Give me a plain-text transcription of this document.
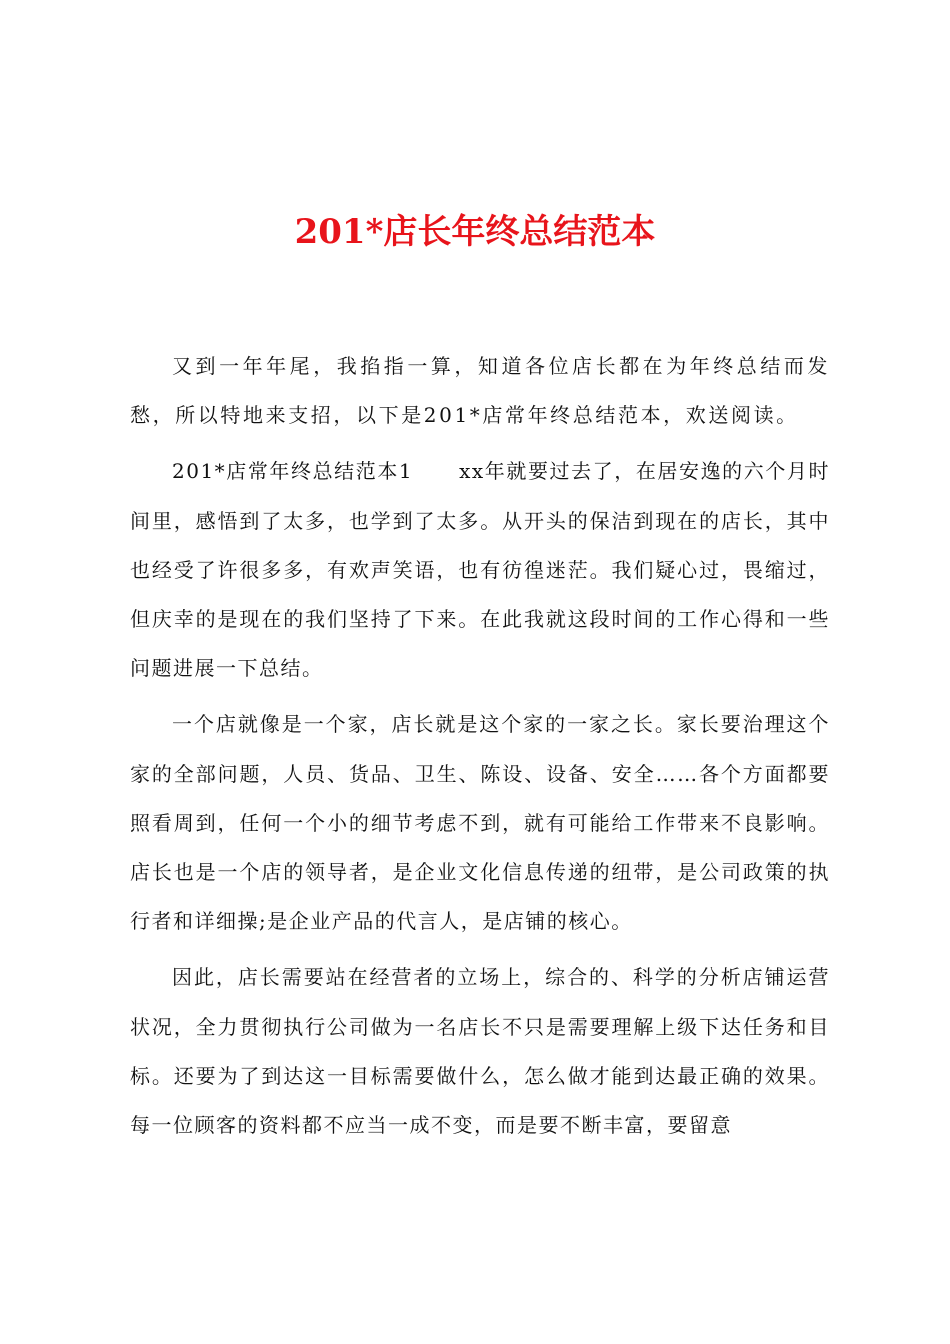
201*店长年终总结范本

又到一年年尾，我掐指一算，知道各位店长都在为年终总结而发愁，所以特地来支招，以下是201*店常年终总结范本，欢送阅读。

201*店常年终总结范本1 xx年就要过去了，在居安逸的六个月时间里，感悟到了太多，也学到了太多。从开头的保洁到现在的店长，其中也经受了许很多多，有欢声笑语，也有彷徨迷茫。我们疑心过，畏缩过，但庆幸的是现在的我们坚持了下来。在此我就这段时间的工作心得和一些问题进展一下总结。

一个店就像是一个家，店长就是这个家的一家之长。家长要治理这个家的全部问题，人员、货品、卫生、陈设、设备、安全……各个方面都要照看周到，任何一个小的细节考虑不到，就有可能给工作带来不良影响。店长也是一个店的领导者，是企业文化信息传递的纽带，是公司政策的执行者和详细操;是企业产品的代言人，是店铺的核心。

因此，店长需要站在经营者的立场上，综合的、科学的分析店铺运营状况，全力贯彻执行公司做为一名店长不只是需要理解上级下达任务和目标。还要为了到达这一目标需要做什么，怎么做才能到达最正确的效果。每一位顾客的资料都不应当一成不变，而是要不断丰富，要留意
